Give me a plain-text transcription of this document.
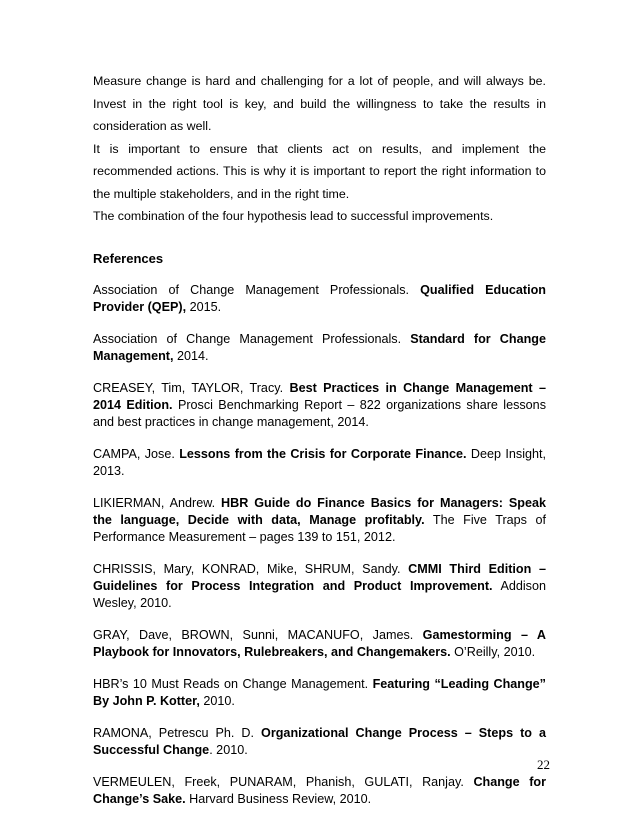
Measure change is hard and challenging for a lot of people, and will always be. Invest in the right tool is key, and build the willingness to take the results in consideration as well.

It is important to ensure that clients act on results, and implement the recommended actions. This is why it is important to report the right information to the multiple stakeholders, and in the right time.

The combination of the four hypothesis lead to successful improvements.

References

Association of Change Management Professionals. Qualified Education Provider (QEP), 2015.

Association of Change Management Professionals. Standard for Change Management, 2014.

CREASEY, Tim, TAYLOR, Tracy. Best Practices in Change Management – 2014 Edition. Prosci Benchmarking Report – 822 organizations share lessons and best practices in change management, 2014.

CAMPA, Jose. Lessons from the Crisis for Corporate Finance. Deep Insight, 2013.

LIKIERMAN, Andrew. HBR Guide do Finance Basics for Managers: Speak the language, Decide with data, Manage profitably. The Five Traps of Performance Measurement – pages 139 to 151, 2012.

CHRISSIS, Mary, KONRAD, Mike, SHRUM, Sandy. CMMI Third Edition – Guidelines for Process Integration and Product Improvement. Addison Wesley, 2010.

GRAY, Dave, BROWN, Sunni, MACANUFO, James. Gamestorming – A Playbook for Innovators, Rulebreakers, and Changemakers. O’Reilly, 2010.

HBR’s 10 Must Reads on Change Management. Featuring “Leading Change” By John P. Kotter, 2010.

RAMONA, Petrescu Ph. D. Organizational Change Process – Steps to a Successful Change. 2010.

VERMEULEN, Freek, PUNARAM, Phanish, GULATI, Ranjay. Change for Change’s Sake. Harvard Business Review, 2010.

22
